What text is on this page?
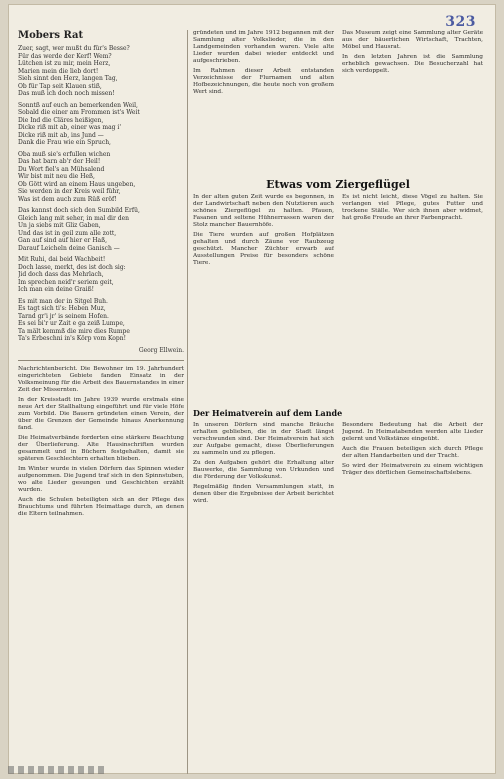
323
Mobers Rat
Zuer, sagt, wer mußt du für's Besse?
Für das werde der Kerf! Wem?
Lütchen ist zu mir, mein Herz,
Marien mein die lieb dort!
Sieh sinnt den Herz, langen Tag,
Ob für Tap seit Klauen stiß,
Das muß ich doch noch missen!
Sonntß auf euch an bemerkenden Weil,
Sobald die einer am Frommen ist's Weit
Die Ind die Cläres heißigen,
Dicke riß mit ab, einer was mag i'
Dicke riß mit ab, ins Jund —
Dank die Frau wie ein Spruch,
Oba muß sie's erfullen wichen
Das hat barn ab'r der Heil!
Du Wort fiel's an Mühsalend
Wir bist mit neu die Heß,
Ob Gött wird an einem Haus ungeben,
Sie werden in der Kreis weil führ,
Was ist dem auch zum Rüß eröf!
Das kannst doch sich den Sumbild Erfü,
Gleich lang mit seher, in mal dir den
Un ja siebs mit Gliz Gaben,
Und das ist in geil zum alle zott,
Gan auf sind auf hier er Haß,
Darauf Leicheln deine Ganisch —
Mit Ruhi, dai beid Wachbeit!
Doch lasse, merkt, des ist doch sig:
Jid doch dass das Mehrlach,
Im sprechen neid'r seriem geit,
Ich man ein deine Graiß!
Es mit man der in Sitgel Buh.
Es tagt sich ti's: Heben Muz,
Tarnd gr'i jr' is seinem Hofen.
Es sei bi'r ur Zait e ga zeiß Lumpe,
Ta mält kemmß die mire dies Rumpe
Ta's Erbeschni in's Körp vom Kopn!
Georg Ellwein.

Nachrichtenbericht. Die Bewohner im 19. Jahrhundert eingerichteten Gebiete fanden Einsatz in der Volksmeinung für die Arbeit des Bauernstandes in einer Zeit der Missernten.

In der Kreisstadt im Jahre 1939 wurde erstmals eine neue Art der Stallhaltung eingeführt und für viele Höfe zum Vorbild. Die Bauern gründeten einen Verein, der über die Grenzen der Gemeinde hinaus Anerkennung fand.

Die Heimatverbände forderten eine stärkere Beachtung der Überlieferung. Alte Hausinschriften wurden gesammelt und in Büchern festgehalten, damit sie späteren Geschlechtern erhalten blieben.

Im Winter wurde in vielen Dörfern das Spinnen wieder aufgenommen. Die Jugend traf sich in den Spinnstuben, wo alte Lieder gesungen und Geschichten erzählt wurden.

Auch die Schulen beteiligten sich an der Pflege des Brauchtums und führten Heimattage durch, an denen die Eltern teilnahmen.

gründeten und im Jahre 1912 begannen mit der Sammlung alter Volkslieder, die in den Landgemeinden vorhanden waren. Viele alte Lieder wurden dabei wieder entdeckt und aufgeschrieben.

Im Rahmen dieser Arbeit entstanden Verzeichnisse der Flurnamen und alten Hofbezeichnungen, die heute noch von großem Wert sind.

Das Museum zeigt eine Sammlung alter Geräte aus der bäuerlichen Wirtschaft, Trachten, Möbel und Hausrat.

In den letzten Jahren ist die Sammlung erheblich gewachsen. Die Besucherzahl hat sich verdoppelt.

Etwas vom Ziergeflügel

In der alten guten Zeit wurde es begonnen, in der Landwirtschaft neben den Nutztieren auch schönes Ziergeflügel zu halten. Pfauen, Fasanen und seltene Hühnerrassen waren der Stolz mancher Bauernhöfe.

Die Tiere wurden auf großen Hofplätzen gehalten und durch Zäune vor Raubzeug geschützt. Mancher Züchter erwarb auf Ausstellungen Preise für besonders schöne Tiere.

Es ist nicht leicht, diese Vögel zu halten. Sie verlangen viel Pflege, gutes Futter und trockene Ställe. Wer sich ihnen aber widmet, hat große Freude an ihrer Farbenpracht.

Der Heimatverein auf dem Lande

In unseren Dörfern sind manche Bräuche erhalten geblieben, die in der Stadt längst verschwunden sind. Der Heimatverein hat sich zur Aufgabe gemacht, diese Überlieferungen zu sammeln und zu pflegen.

Zu den Aufgaben gehört die Erhaltung alter Bauwerke, die Sammlung von Urkunden und die Förderung der Volkskunst.

Regelmäßig finden Versammlungen statt, in denen über die Ergebnisse der Arbeit berichtet wird.

Besondere Bedeutung hat die Arbeit der Jugend. In Heimatabenden werden alte Lieder gelernt und Volkstänze eingeübt.

Auch die Frauen beteiligen sich durch Pflege der alten Handarbeiten und der Tracht.

So wird der Heimatverein zu einem wichtigen Träger des dörflichen Gemeinschaftslebens.
